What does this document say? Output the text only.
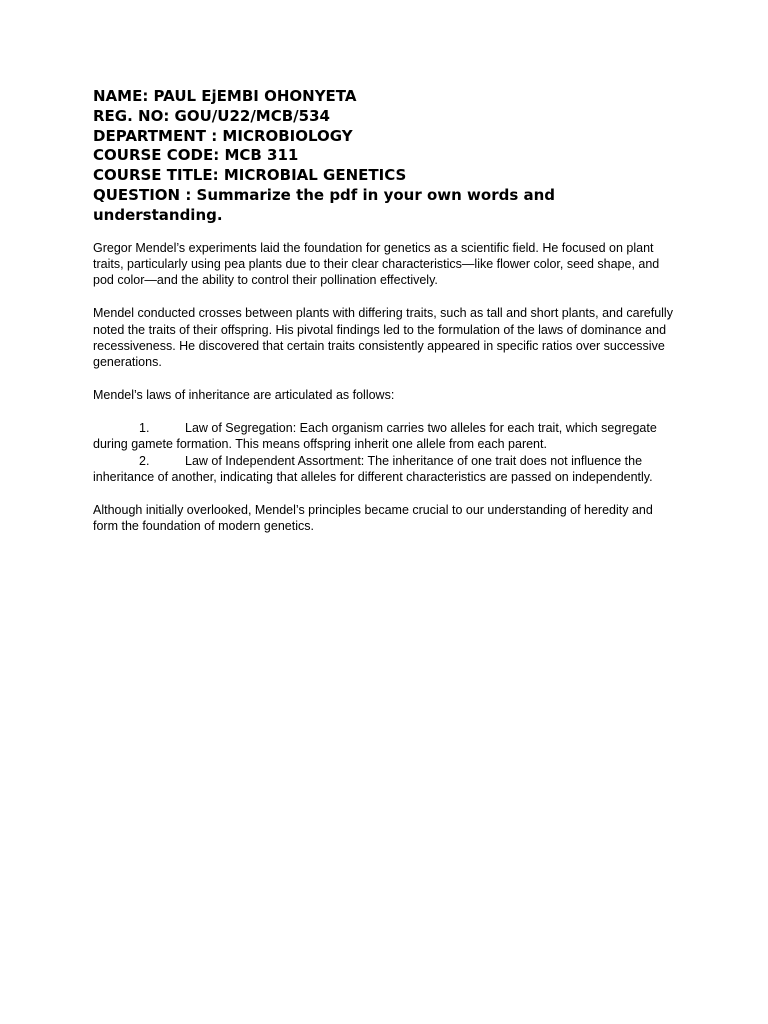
NAME: PAUL EjEMBI OHONYETA
REG. NO: GOU/U22/MCB/534
DEPARTMENT : MICROBIOLOGY
COURSE CODE: MCB 311
COURSE TITLE: MICROBIAL GENETICS
QUESTION : Summarize the pdf in your own words and understanding.

Gregor Mendel’s experiments laid the foundation for genetics as a scientific field. He focused on plant traits, particularly using pea plants due to their clear characteristics—like flower color, seed shape, and pod color—and the ability to control their pollination effectively.

Mendel conducted crosses between plants with differing traits, such as tall and short plants, and carefully noted the traits of their offspring. His pivotal findings led to the formulation of the laws of dominance and recessiveness. He discovered that certain traits consistently appeared in specific ratios over successive generations.

Mendel’s laws of inheritance are articulated as follows:

1.	Law of Segregation: Each organism carries two alleles for each trait, which segregate during gamete formation. This means offspring inherit one allele from each parent.
2.	Law of Independent Assortment: The inheritance of one trait does not influence the inheritance of another, indicating that alleles for different characteristics are passed on independently.

Although initially overlooked, Mendel’s principles became crucial to our understanding of heredity and form the foundation of modern genetics.
